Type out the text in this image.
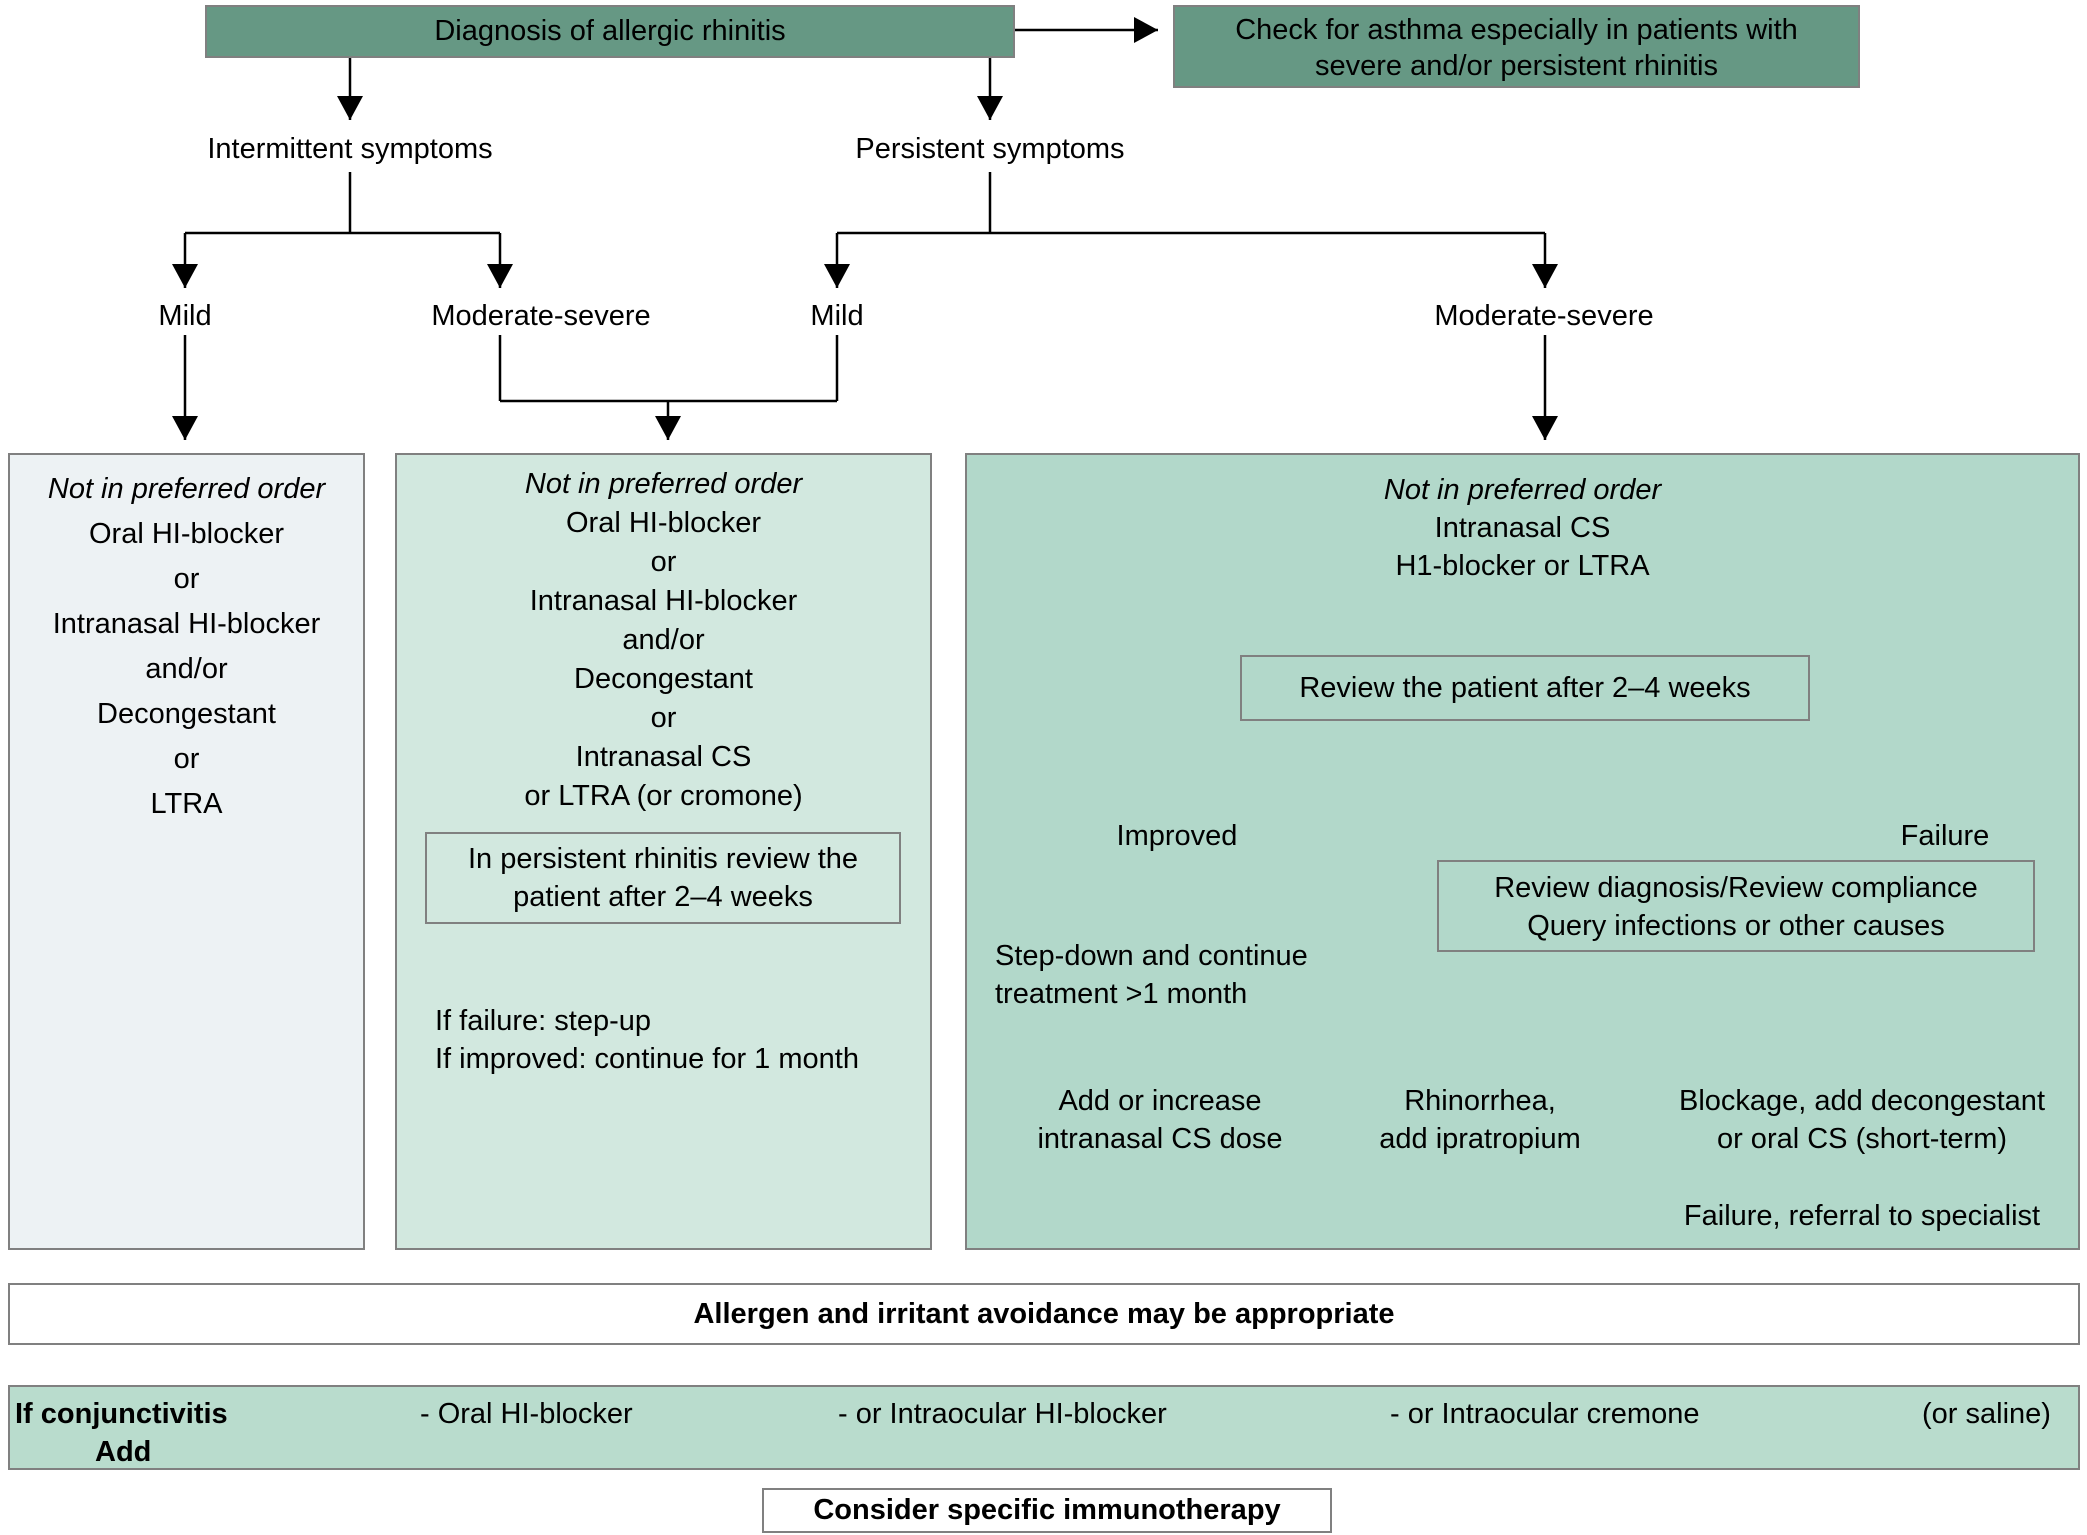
Diagnosis of allergic rhinitis	Check for asthma especially in patients with
severe and/or persistent rhinitis
Intermittent symptoms	Persistent symptoms
Mild	Moderate-severe	Mild	Moderate-severe
Not in preferred order
Oral HI-blocker
or
Intranasal HI-blocker
and/or
Decongestant
or
LTRA
Not in preferred order
Oral HI-blocker
or
Intranasal HI-blocker
and/or
Decongestant
or
Intranasal CS
or LTRA (or cromone)
In persistent rhinitis review the
patient after 2–4 weeks
If failure: step-up
If improved: continue for 1 month
Not in preferred order
Intranasal CS
H1-blocker or LTRA
Review the patient after 2–4 weeks
Improved	Failure
Step-down and continue
treatment >1 month
Review diagnosis/Review compliance
Query infections or other causes
Add or increase
intranasal CS dose
Rhinorrhea,
add ipratropium
Blockage, add decongestant
or oral CS (short-term)
Failure, referral to specialist
Allergen and irritant avoidance may be appropriate
If conjunctivitis
Add
- Oral HI-blocker	- or Intraocular HI-blocker	- or Intraocular cremone	(or saline)
Consider specific immunotherapy
